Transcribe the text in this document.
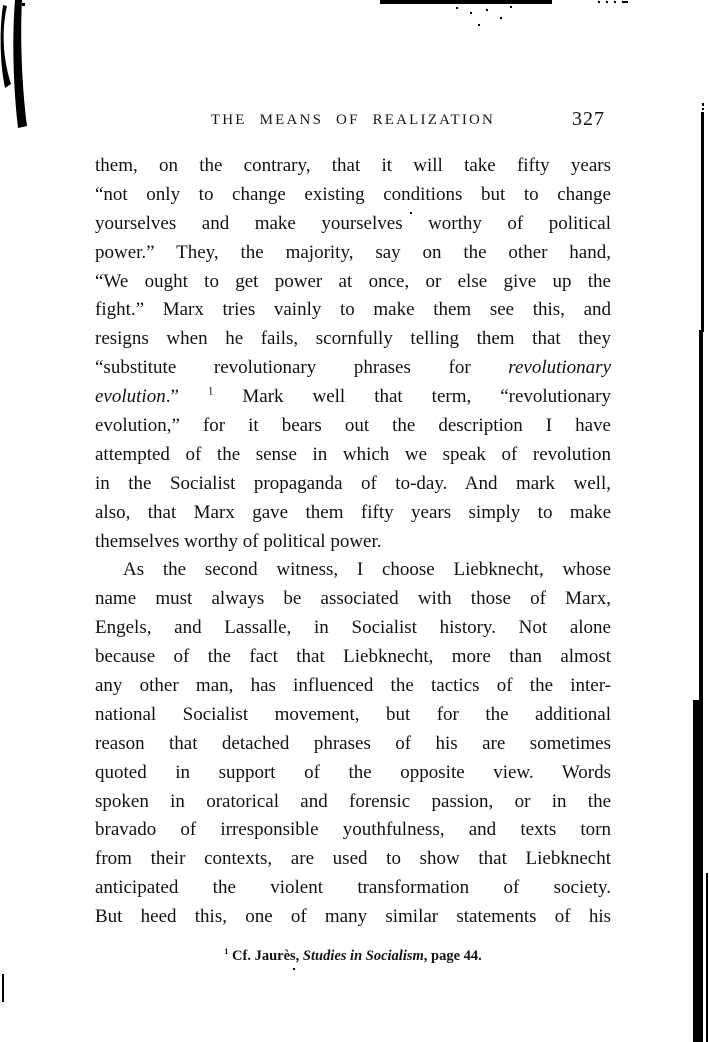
THE MEANS OF REALIZATION	327
them, on the contrary, that it will take fifty years
“not only to change existing conditions but to change
yourselves and make yourselves worthy of political
power.” They, the majority, say on the other hand,
“We ought to get power at once, or else give up the
fight.” Marx tries vainly to make them see this, and
resigns when he fails, scornfully telling them that they
“substitute revolutionary phrases for revolutionary
evolution.” $^1$ Mark well that term, “revolutionary
evolution,” for it bears out the description I have
attempted of the sense in which we speak of revolution
in the Socialist propaganda of to-day. And mark well,
also, that Marx gave them fifty years simply to make
themselves worthy of political power.
As the second witness, I choose Liebknecht, whose
name must always be associated with those of Marx,
Engels, and Lassalle, in Socialist history. Not alone
because of the fact that Liebknecht, more than almost
any other man, has influenced the tactics of the inter-
national Socialist movement, but for the additional
reason that detached phrases of his are sometimes
quoted in support of the opposite view. Words
spoken in oratorical and forensic passion, or in the
bravado of irresponsible youthfulness, and texts torn
from their contexts, are used to show that Liebknecht
anticipated the violent transformation of society.
But heed this, one of many similar statements of his
$^1$ Cf. Jaurès, Studies in Socialism, page 44.
